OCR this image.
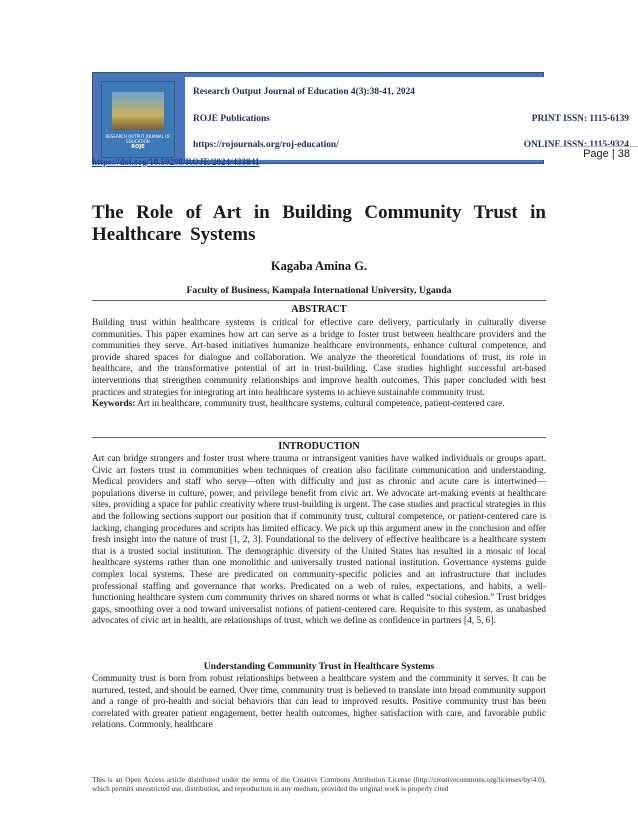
RESEARCH OUTPUT JOURNAL OF EDUCATION
ROJE
Research Output Journal of Education 4(3):38-41, 2024
ROJE Publications	PRINT ISSN: 1115-6139
https://rojournals.org/roj-education/	ONLINE ISSN: 1115-9324
Page | 38
https://doi.org/10.59298/ROJE/2024/433841
The Role of Art in Building Community Trust in Healthcare Systems
Kagaba Amina G.
Faculty of Business, Kampala International University, Uganda
ABSTRACT
Building trust within healthcare systems is critical for effective care delivery, particularly in culturally diverse communities. This paper examines how art can serve as a bridge to foster trust between healthcare providers and the communities they serve. Art-based initiatives humanize healthcare environments, enhance cultural competence, and provide shared spaces for dialogue and collaboration. We analyze the theoretical foundations of trust, its role in healthcare, and the transformative potential of art in trust-building. Case studies highlight successful art-based interventions that strengthen community relationships and improve health outcomes. This paper concluded with best practices and strategies for integrating art into healthcare systems to achieve sustainable community trust.
Keywords: Art in healthcare, community trust, healthcare systems, cultural competence, patient-centered care.
INTRODUCTION
Art can bridge strangers and foster trust where trauma or intransigent vanities have walked individuals or groups apart. Civic art fosters trust in communities when techniques of creation also facilitate communication and understanding. Medical providers and staff who serve—often with difficulty and just as chronic and acute care is intertwined—populations diverse in culture, power, and privilege benefit from civic art. We advocate art-making events at healthcare sites, providing a space for public creativity where trust-building is urgent. The case studies and practical strategies in this and the following sections support our position that if community trust, cultural competence, or patient-centered care is lacking, changing procedures and scripts has limited efficacy. We pick up this argument anew in the conclusion and offer fresh insight into the nature of trust [1, 2, 3]. Foundational to the delivery of effective healthcare is a healthcare system that is a trusted social institution. The demographic diversity of the United States has resulted in a mosaic of local healthcare systems rather than one monolithic and universally trusted national institution. Governance systems guide complex local systems. These are predicated on community-specific policies and an infrastructure that includes professional staffing and governance that works. Predicated on a web of rules, expectations, and habits, a well-functioning healthcare system cum community thrives on shared norms or what is called “social cohesion.” Trust bridges gaps, smoothing over a nod toward universalist notions of patient-centered care. Requisite to this system, as unabashed advocates of civic art in health, are relationships of trust, which we define as confidence in partners [4, 5, 6].
Understanding Community Trust in Healthcare Systems
Community trust is born from robust relationships between a healthcare system and the community it serves. It can be nurtured, tested, and should be earned. Over time, community trust is believed to translate into broad community support and a range of pro-health and social behaviors that can lead to improved results. Positive community trust has been correlated with greater patient engagement, better health outcomes, higher satisfaction with care, and favorable public relations. Commonly, healthcare
This is an Open Access article distributed under the terms of the Creative Commons Attribution License (http://creativecommons.org/licenses/by/4.0), which permits unrestricted use, distribution, and reproduction in any medium, provided the original work is properly cited
